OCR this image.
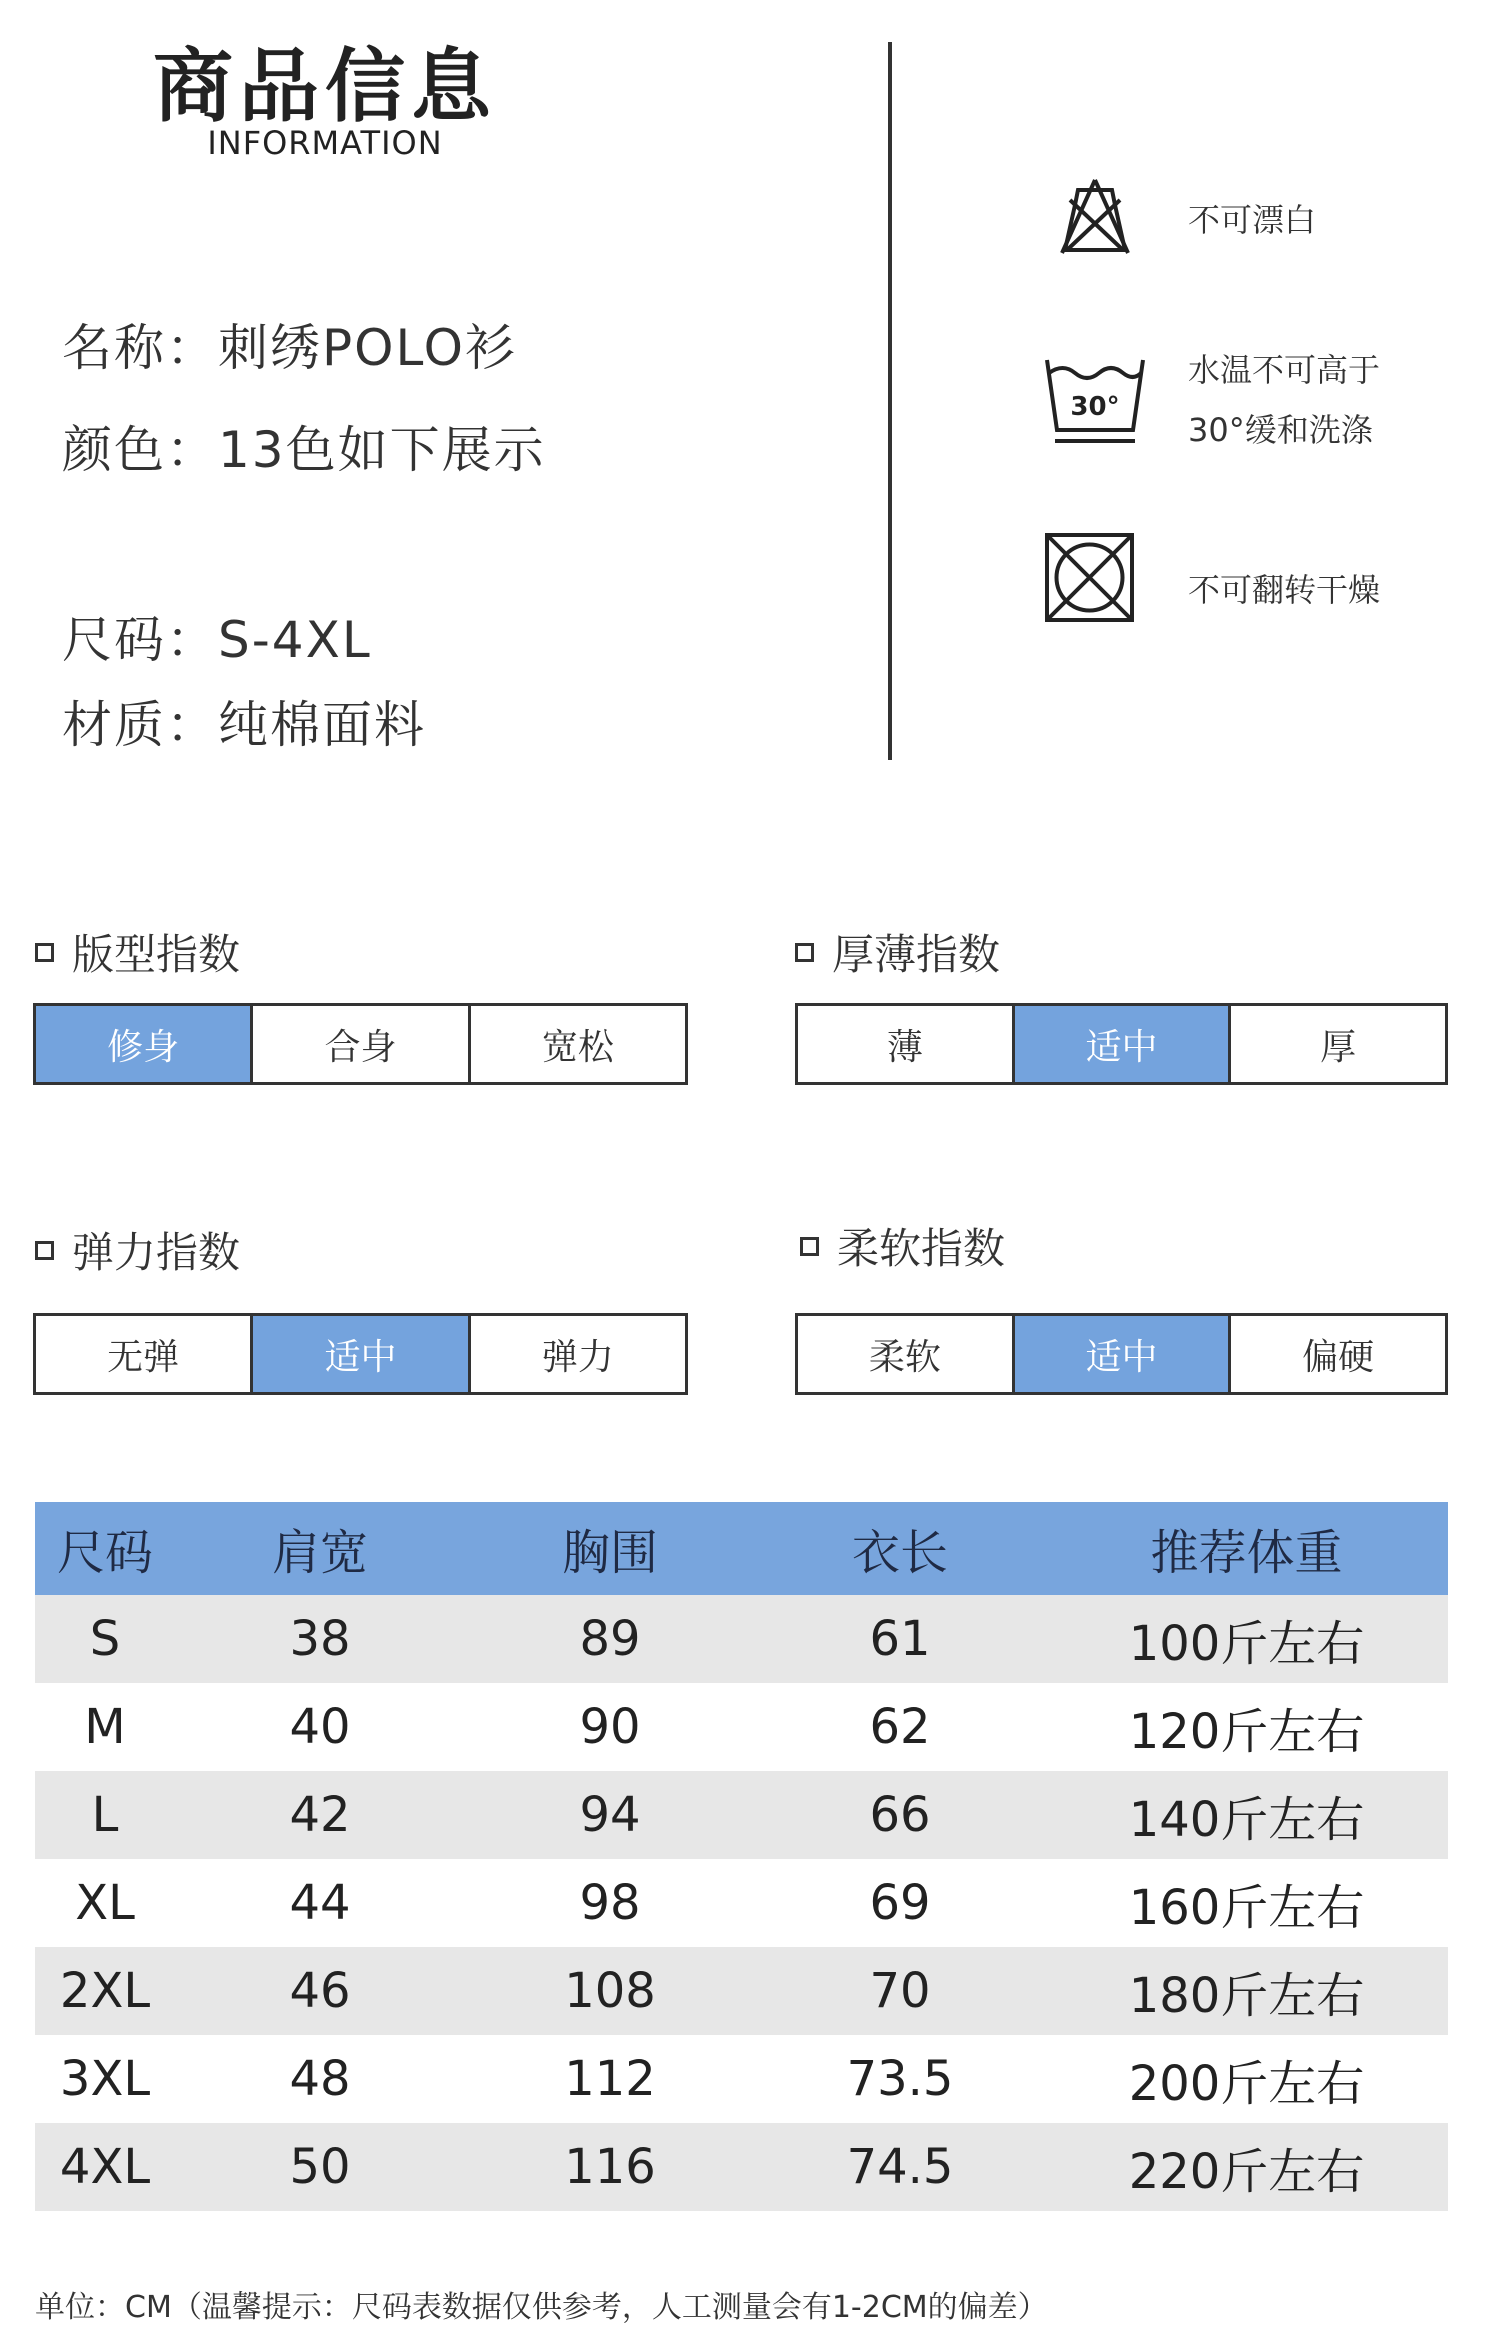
商品信息
INFORMATION
名称：刺绣POLO衫
颜色：13色如下展示
尺码：S-4XL
材质：纯棉面料
不可漂白
30°
水温不可高于
30°缓和洗涤
不可翻转干燥
版型指数
修身	合身	宽松
厚薄指数
薄	适中	厚
弹力指数
无弹	适中	弹力
柔软指数
柔软	适中	偏硬
尺码	肩宽	胸围	衣长	推荐体重
S	38	89	61	100斤左右
M	40	90	62	120斤左右
L	42	94	66	140斤左右
XL	44	98	69	160斤左右
2XL	46	108	70	180斤左右
3XL	48	112	73.5	200斤左右
4XL	50	116	74.5	220斤左右
单位：CM（温馨提示：尺码表数据仅供参考，人工测量会有1-2CM的偏差）
